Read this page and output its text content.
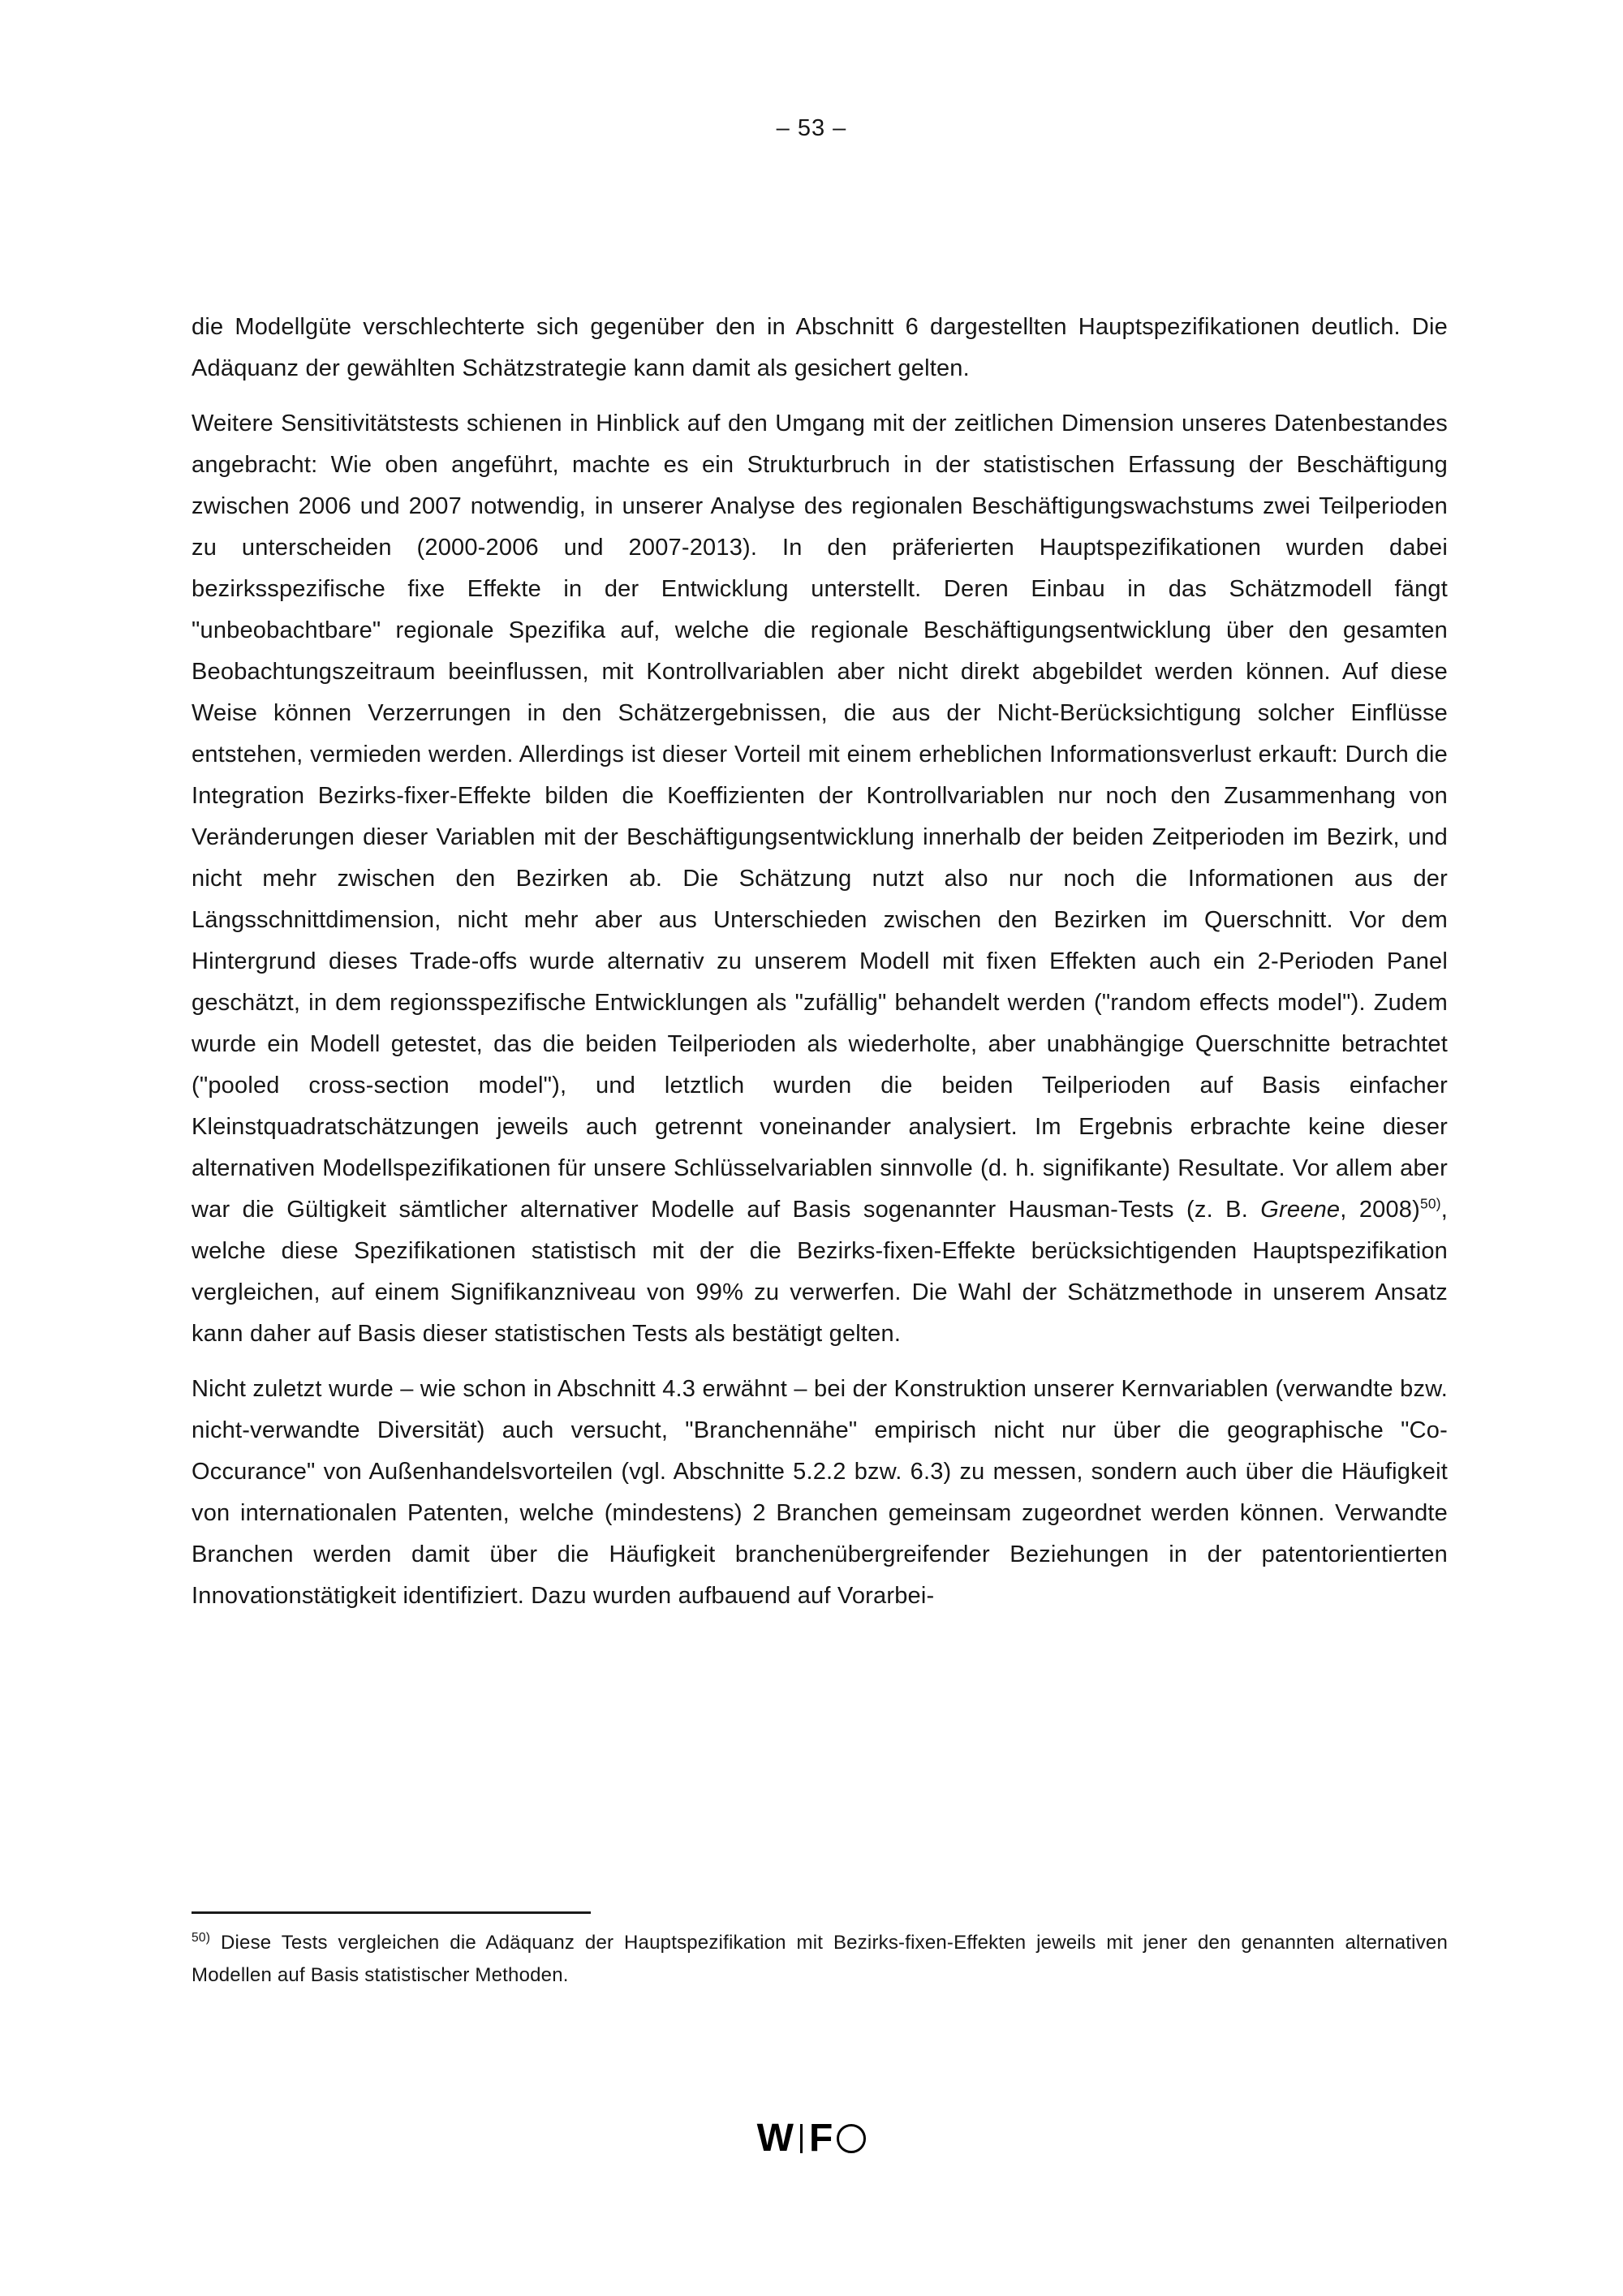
– 53 –

die Modellgüte verschlechterte sich gegenüber den in Abschnitt 6 dargestellten Hauptspezifikationen deutlich. Die Adäquanz der gewählten Schätzstrategie kann damit als gesichert gelten.

Weitere Sensitivitätstests schienen in Hinblick auf den Umgang mit der zeitlichen Dimension unseres Datenbestandes angebracht: Wie oben angeführt, machte es ein Strukturbruch in der statistischen Erfassung der Beschäftigung zwischen 2006 und 2007 notwendig, in unserer Analyse des regionalen Beschäftigungswachstums zwei Teilperioden zu unterscheiden (2000-2006 und 2007-2013). In den präferierten Hauptspezifikationen wurden dabei bezirksspezifische fixe Effekte in der Entwicklung unterstellt. Deren Einbau in das Schätzmodell fängt "unbeobachtbare" regionale Spezifika auf, welche die regionale Beschäftigungsentwicklung über den gesamten Beobachtungszeitraum beeinflussen, mit Kontrollvariablen aber nicht direkt abgebildet werden können. Auf diese Weise können Verzerrungen in den Schätzergebnissen, die aus der Nicht-Berücksichtigung solcher Einflüsse entstehen, vermieden werden. Allerdings ist dieser Vorteil mit einem erheblichen Informationsverlust erkauft: Durch die Integration Bezirks-fixer-Effekte bilden die Koeffizienten der Kontrollvariablen nur noch den Zusammenhang von Veränderungen dieser Variablen mit der Beschäftigungsentwicklung innerhalb der beiden Zeitperioden im Bezirk, und nicht mehr zwischen den Bezirken ab. Die Schätzung nutzt also nur noch die Informationen aus der Längsschnittdimension, nicht mehr aber aus Unterschieden zwischen den Bezirken im Querschnitt. Vor dem Hintergrund dieses Trade-offs wurde alternativ zu unserem Modell mit fixen Effekten auch ein 2-Perioden Panel geschätzt, in dem regionsspezifische Entwicklungen als "zufällig" behandelt werden ("random effects model"). Zudem wurde ein Modell getestet, das die beiden Teilperioden als wiederholte, aber unabhängige Querschnitte betrachtet ("pooled cross-section model"), und letztlich wurden die beiden Teilperioden auf Basis einfacher Kleinstquadratschätzungen jeweils auch getrennt voneinander analysiert. Im Ergebnis erbrachte keine dieser alternativen Modellspezifikationen für unsere Schlüsselvariablen sinnvolle (d. h. signifikante) Resultate. Vor allem aber war die Gültigkeit sämtlicher alternativer Modelle auf Basis sogenannter Hausman-Tests (z. B. Greene, 2008)$^{50)}$, welche diese Spezifikationen statistisch mit der die Bezirks-fixen-Effekte berücksichtigenden Hauptspezifikation vergleichen, auf einem Signifikanzniveau von 99% zu verwerfen. Die Wahl der Schätzmethode in unserem Ansatz kann daher auf Basis dieser statistischen Tests als bestätigt gelten.

Nicht zuletzt wurde – wie schon in Abschnitt 4.3 erwähnt – bei der Konstruktion unserer Kernvariablen (verwandte bzw. nicht-verwandte Diversität) auch versucht, "Branchennähe" empirisch nicht nur über die geographische "Co-Occurance" von Außenhandelsvorteilen (vgl. Abschnitte 5.2.2 bzw. 6.3) zu messen, sondern auch über die Häufigkeit von internationalen Patenten, welche (mindestens) 2 Branchen gemeinsam zugeordnet werden können. Verwandte Branchen werden damit über die Häufigkeit branchenübergreifender Beziehungen in der patentorientierten Innovationstätigkeit identifiziert. Dazu wurden aufbauend auf Vorarbei-

$^{50)}$ Diese Tests vergleichen die Adäquanz der Hauptspezifikation mit Bezirks-fixen-Effekten jeweils mit jener den genannten alternativen Modellen auf Basis statistischer Methoden.
W F
